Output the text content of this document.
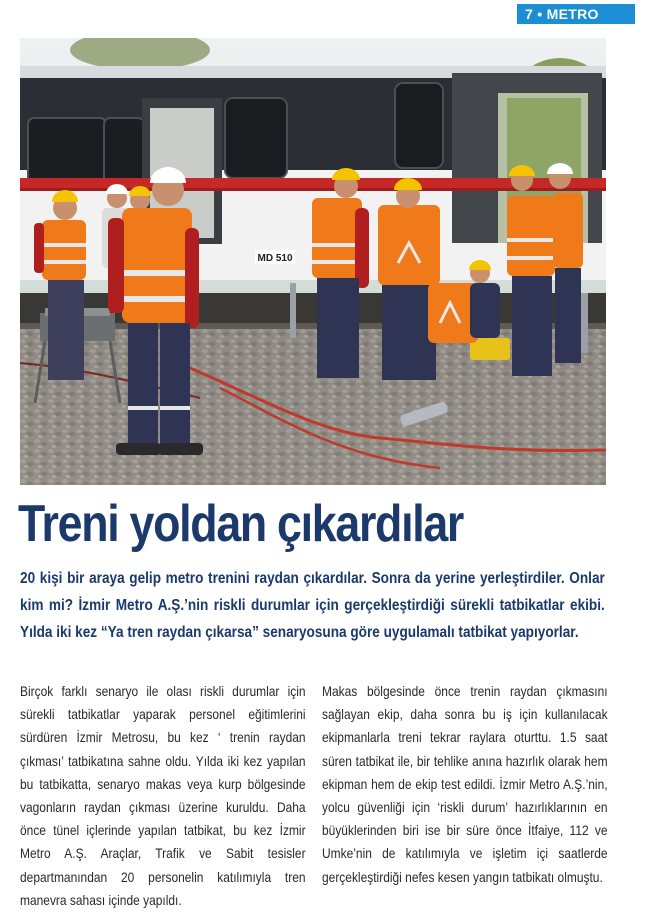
7 • METRO
MD 510
Treni yoldan çıkardılar

20 kişi bir araya gelip metro trenini raydan çıkardılar. Sonra da yerine yerleştirdiler. Onlar kim mi? İzmir Metro A.Ş.’nin riskli durumlar için gerçekleştirdiği sürekli tatbikatlar ekibi. Yılda iki kez “Ya tren raydan çıkarsa” senaryosuna göre uygulamalı tatbikat yapıyorlar.

Birçok farklı senaryo ile olası riskli durumlar için sürekli tatbikatlar yaparak personel eğitimlerini sürdüren İzmir Metrosu, bu kez ‘ trenin raydan çıkması’ tatbikatına sahne oldu. Yılda iki kez yapılan bu tatbikatta, senaryo makas veya kurp bölgesinde vagonların raydan çıkması üzerine kuruldu. Daha önce tünel içlerinde yapılan tatbikat, bu kez İzmir Metro A.Ş. Araçlar, Trafik ve Sabit tesisler departmanından 20 personelin katılımıyla tren manevra sahası içinde yapıldı.

Makas bölgesinde önce trenin raydan çıkmasını sağlayan ekip, daha sonra bu iş için kullanılacak ekipmanlarla treni tekrar raylara oturttu. 1.5 saat süren tatbikat ile, bir tehlike anına hazırlık olarak hem ekipman hem de ekip test edildi. İzmir Metro A.Ş.’nin, yolcu güvenliği için ‘riskli durum’ hazırlıklarının en büyüklerinden biri ise bir süre önce İtfaiye, 112 ve Umke’nin de katılımıyla ve işletim içi saatlerde gerçekleştirdiği nefes kesen yangın tatbikatı olmuştu.
